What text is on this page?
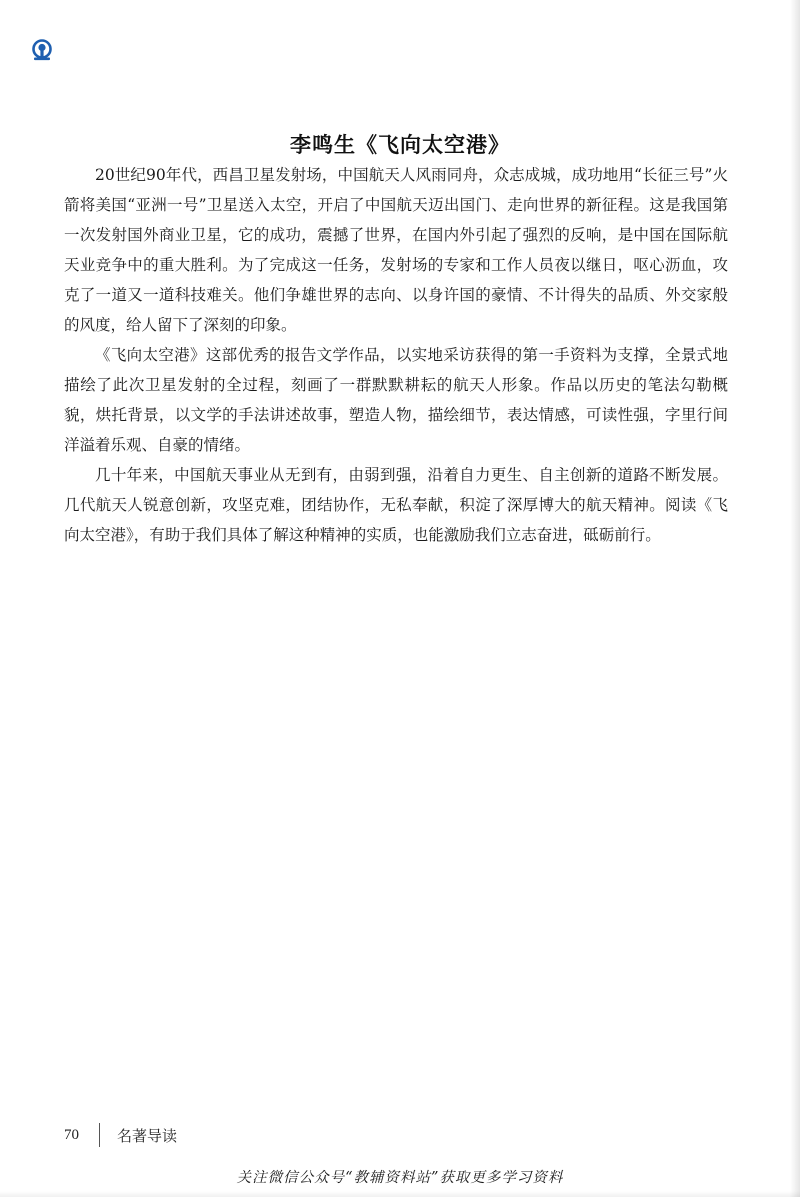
李鸣生《飞向太空港》

20世纪90年代，西昌卫星发射场，中国航天人风雨同舟，众志成城，成功地用“长征三号”火箭将美国“亚洲一号”卫星送入太空，开启了中国航天迈出国门、走向世界的新征程。这是我国第一次发射国外商业卫星，它的成功，震撼了世界，在国内外引起了强烈的反响，是中国在国际航天业竞争中的重大胜利。为了完成这一任务，发射场的专家和工作人员夜以继日，呕心沥血，攻克了一道又一道科技难关。他们争雄世界的志向、以身许国的豪情、不计得失的品质、外交家般的风度，给人留下了深刻的印象。

《飞向太空港》这部优秀的报告文学作品，以实地采访获得的第一手资料为支撑，全景式地描绘了此次卫星发射的全过程，刻画了一群默默耕耘的航天人形象。作品以历史的笔法勾勒概貌，烘托背景，以文学的手法讲述故事，塑造人物，描绘细节，表达情感，可读性强，字里行间洋溢着乐观、自豪的情绪。

几十年来，中国航天事业从无到有，由弱到强，沿着自力更生、自主创新的道路不断发展。几代航天人锐意创新，攻坚克难，团结协作，无私奉献，积淀了深厚博大的航天精神。阅读《飞向太空港》，有助于我们具体了解这种精神的实质，也能激励我们立志奋进，砥砺前行。

70	名著导读
关注微信公众号“教辅资料站”获取更多学习资料
